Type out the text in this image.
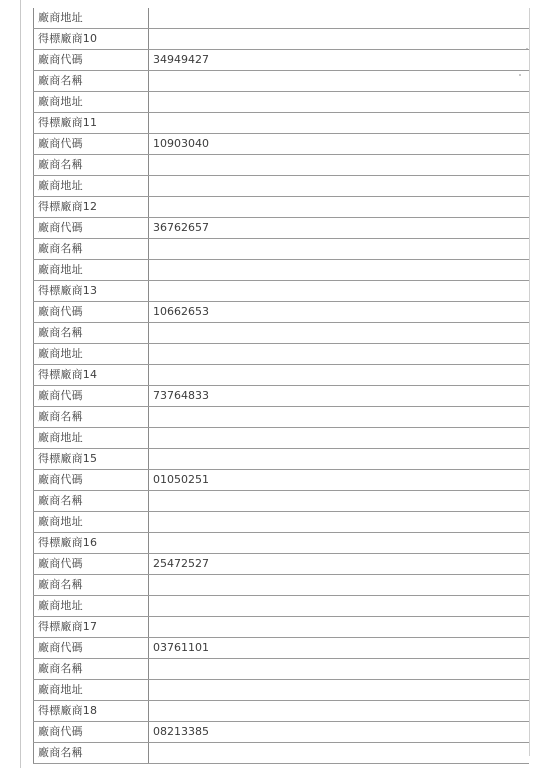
廠商地址	
得標廠商10	
廠商代碼	34949427
廠商名稱	
廠商地址	
得標廠商11	
廠商代碼	10903040
廠商名稱	
廠商地址	
得標廠商12	
廠商代碼	36762657
廠商名稱	
廠商地址	
得標廠商13	
廠商代碼	10662653
廠商名稱	
廠商地址	
得標廠商14	
廠商代碼	73764833
廠商名稱	
廠商地址	
得標廠商15	
廠商代碼	01050251
廠商名稱	
廠商地址	
得標廠商16	
廠商代碼	25472527
廠商名稱	
廠商地址	
得標廠商17	
廠商代碼	03761101
廠商名稱	
廠商地址	
得標廠商18	
廠商代碼	08213385
廠商名稱	
